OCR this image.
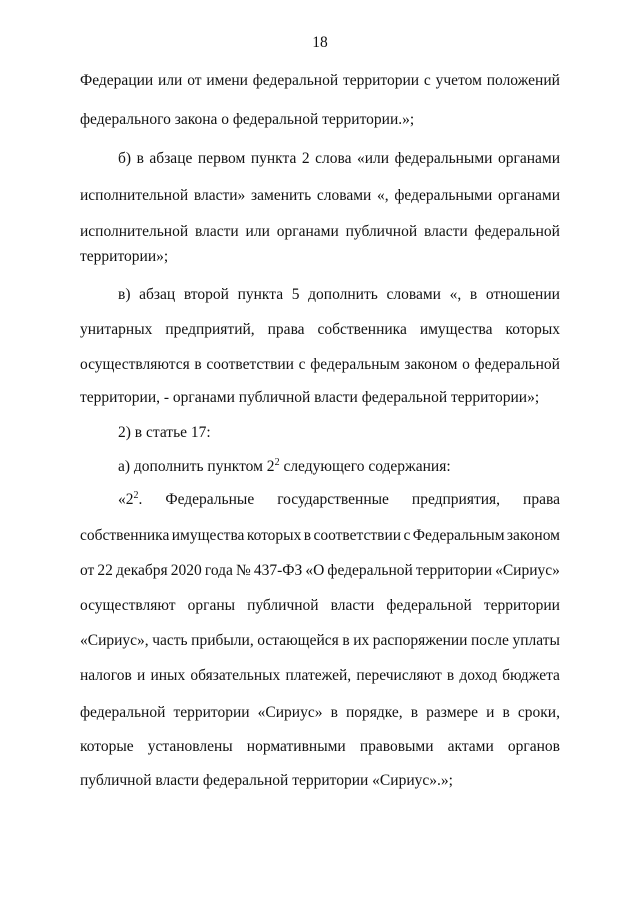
18
Федерации или от имени федеральной территории с учетом положений
федерального закона о федеральной территории.»;
б) в абзаце первом пункта 2 слова «или федеральными органами
исполнительной власти» заменить словами «, федеральными органами
исполнительной власти или органами публичной власти федеральной
территории»;
в) абзац второй пункта 5 дополнить словами «, в отношении
унитарных предприятий, права собственника имущества которых
осуществляются в соответствии с федеральным законом о федеральной
территории, - органами публичной власти федеральной территории»;
2) в статье 17:
а) дополнить пунктом $2^2$ следующего содержания:
«$2^2$. Федеральные государственные предприятия, права
собственника имущества которых в соответствии с Федеральным законом
от 22 декабря 2020 года № 437-ФЗ «О федеральной территории «Сириус»
осуществляют органы публичной власти федеральной территории
«Сириус», часть прибыли, остающейся в их распоряжении после уплаты
налогов и иных обязательных платежей, перечисляют в доход бюджета
федеральной территории «Сириус» в порядке, в размере и в сроки,
которые установлены нормативными правовыми актами органов
публичной власти федеральной территории «Сириус».»;
